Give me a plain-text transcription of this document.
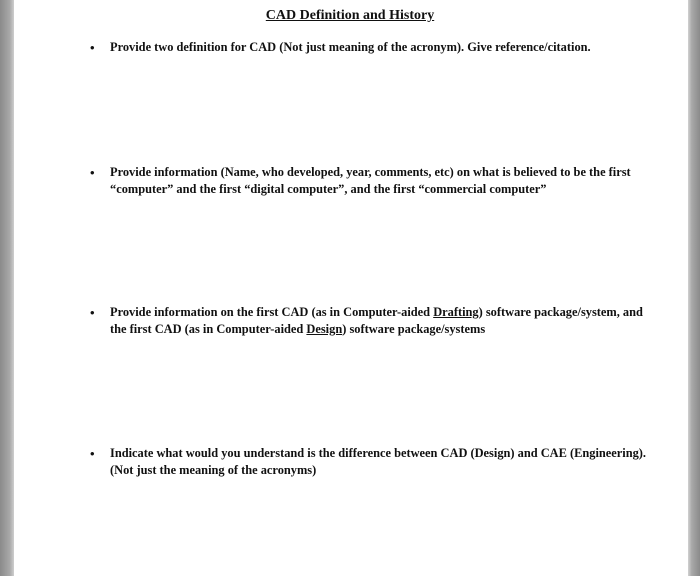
CAD Definition and History
• Provide two definition for CAD (Not just meaning of the acronym). Give reference/citation.
• Provide information (Name, who developed, year, comments, etc) on what is believed to be the first “computer” and the first “digital computer”, and the first “commercial computer”
• Provide information on the first CAD (as in Computer-aided Drafting) software package/system, and the first CAD (as in Computer-aided Design) software package/systems
• Indicate what would you understand is the difference between CAD (Design) and CAE (Engineering). (Not just the meaning of the acronyms)
